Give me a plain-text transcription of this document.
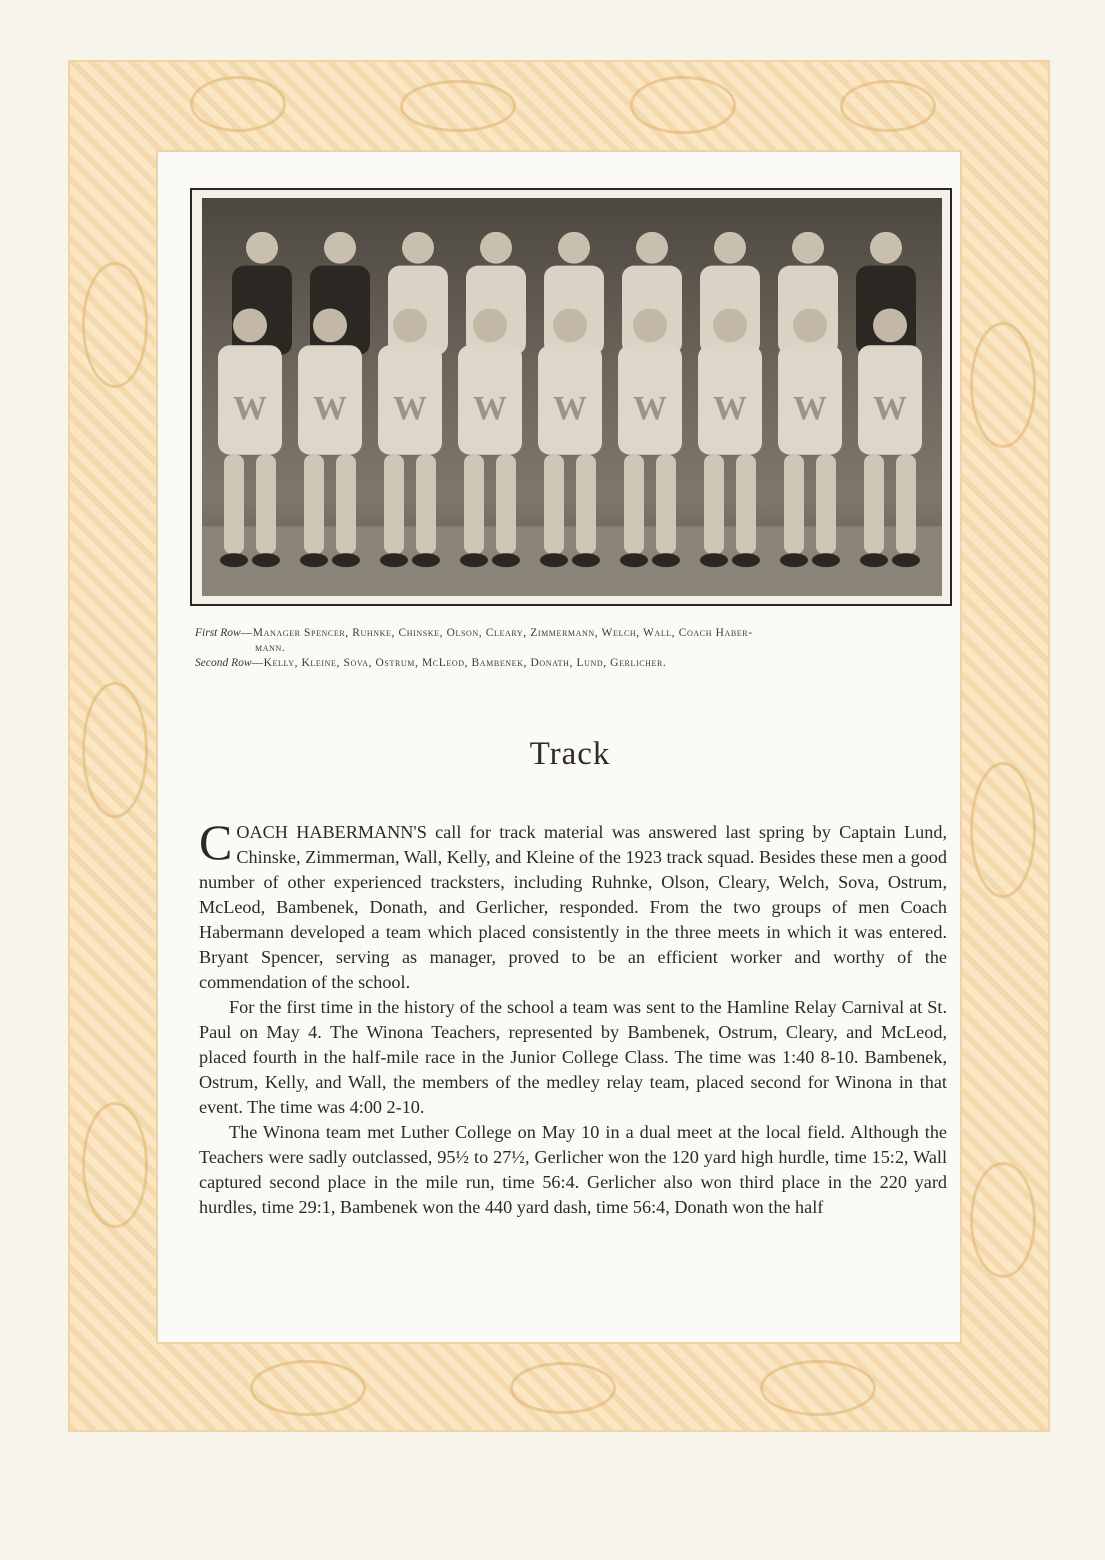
W W W W W W W W W
First Row—Manager Spencer, Ruhnke, Chinske, Olson, Cleary, Zimmermann, Welch, Wall, Coach Haber-
mann.
Second Row—Kelly, Kleine, Sova, Ostrum, McLeod, Bambenek, Donath, Lund, Gerlicher.
Track

COACH HABERMANN'S call for track material was answered last spring by Captain Lund, Chinske, Zimmerman, Wall, Kelly, and Kleine of the 1923 track squad. Besides these men a good number of other experienced tracksters, including Ruhnke, Olson, Cleary, Welch, Sova, Ostrum, McLeod, Bambenek, Donath, and Gerlicher, responded. From the two groups of men Coach Habermann developed a team which placed consistently in the three meets in which it was entered. Bryant Spencer, serving as manager, proved to be an efficient worker and worthy of the commendation of the school.

For the first time in the history of the school a team was sent to the Hamline Relay Carnival at St. Paul on May 4. The Winona Teachers, represented by Bambenek, Ostrum, Cleary, and McLeod, placed fourth in the half-mile race in the Junior College Class. The time was 1:40 8-10. Bambenek, Ostrum, Kelly, and Wall, the members of the medley relay team, placed second for Winona in that event. The time was 4:00 2-10.

The Winona team met Luther College on May 10 in a dual meet at the local field. Although the Teachers were sadly outclassed, 95½ to 27½, Gerlicher won the 120 yard high hurdle, time 15:2, Wall captured second place in the mile run, time 56:4. Gerlicher also won third place in the 220 yard hurdles, time 29:1, Bambenek won the 440 yard dash, time 56:4, Donath won the half
